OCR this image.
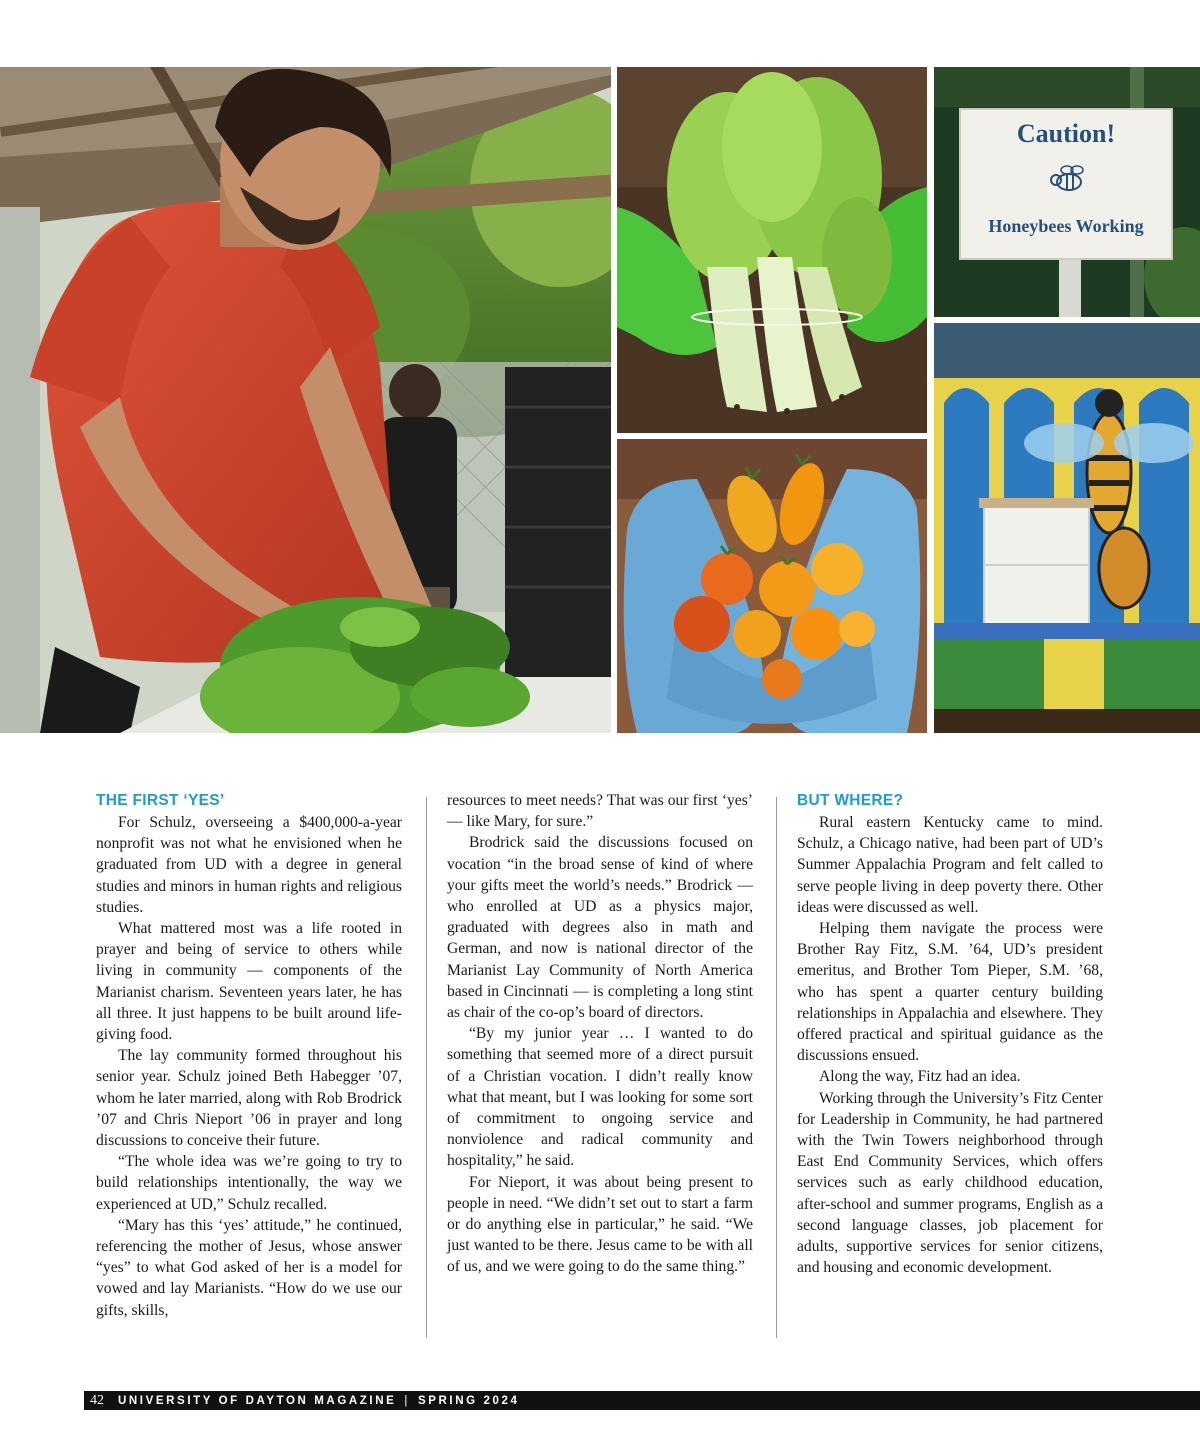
Caution!
Honeybees Working
THE FIRST ‘YES’

For Schulz, overseeing a $400,000-a-year nonprofit was not what he envisioned when he graduated from UD with a degree in general studies and minors in human rights and religious studies.

What mattered most was a life rooted in prayer and being of service to others while living in community — components of the Marianist charism. Seventeen years later, he has all three. It just happens to be built around life-giving food.

The lay community formed throughout his senior year. Schulz joined Beth Habegger ’07, whom he later married, along with Rob Brodrick ’07 and Chris Nieport ’06 in prayer and long discussions to conceive their future.

“The whole idea was we’re going to try to build relationships intentionally, the way we experienced at UD,” Schulz recalled.

“Mary has this ‘yes’ attitude,” he continued, referencing the mother of Jesus, whose answer “yes” to what God asked of her is a model for vowed and lay Marianists. “How do we use our gifts, skills,

resources to meet needs? That was our first ‘yes’ — like Mary, for sure.”

Brodrick said the discussions focused on vocation “in the broad sense of kind of where your gifts meet the world’s needs.” Brodrick — who enrolled at UD as a physics major, graduated with degrees also in math and German, and now is national director of the Marianist Lay Community of North America based in Cincinnati — is completing a long stint as chair of the co-op’s board of directors.

“By my junior year … I wanted to do something that seemed more of a direct pursuit of a Christian vocation. I didn’t really know what that meant, but I was looking for some sort of commitment to ongoing service and nonviolence and radical community and hospitality,” he said.

For Nieport, it was about being present to people in need. “We didn’t set out to start a farm or do anything else in particular,” he said. “We just wanted to be there. Jesus came to be with all of us, and we were going to do the same thing.”

BUT WHERE?

Rural eastern Kentucky came to mind. Schulz, a Chicago native, had been part of UD’s Summer Appalachia Program and felt called to serve people living in deep poverty there. Other ideas were discussed as well.

Helping them navigate the process were Brother Ray Fitz, S.M. ’64, UD’s president emeritus, and Brother Tom Pieper, S.M. ’68, who has spent a quarter century building relationships in Appalachia and elsewhere. They offered practical and spiritual guidance as the discussions ensued.

Along the way, Fitz had an idea.

Working through the University’s Fitz Center for Leadership in Community, he had partnered with the Twin Towers neighborhood through East End Community Services, which offers services such as early childhood education, after-school and summer programs, English as a second language classes, job placement for adults, supportive services for senior citizens, and housing and economic development.

42 UNIVERSITY OF DAYTON MAGAZINE | SPRING 2024
